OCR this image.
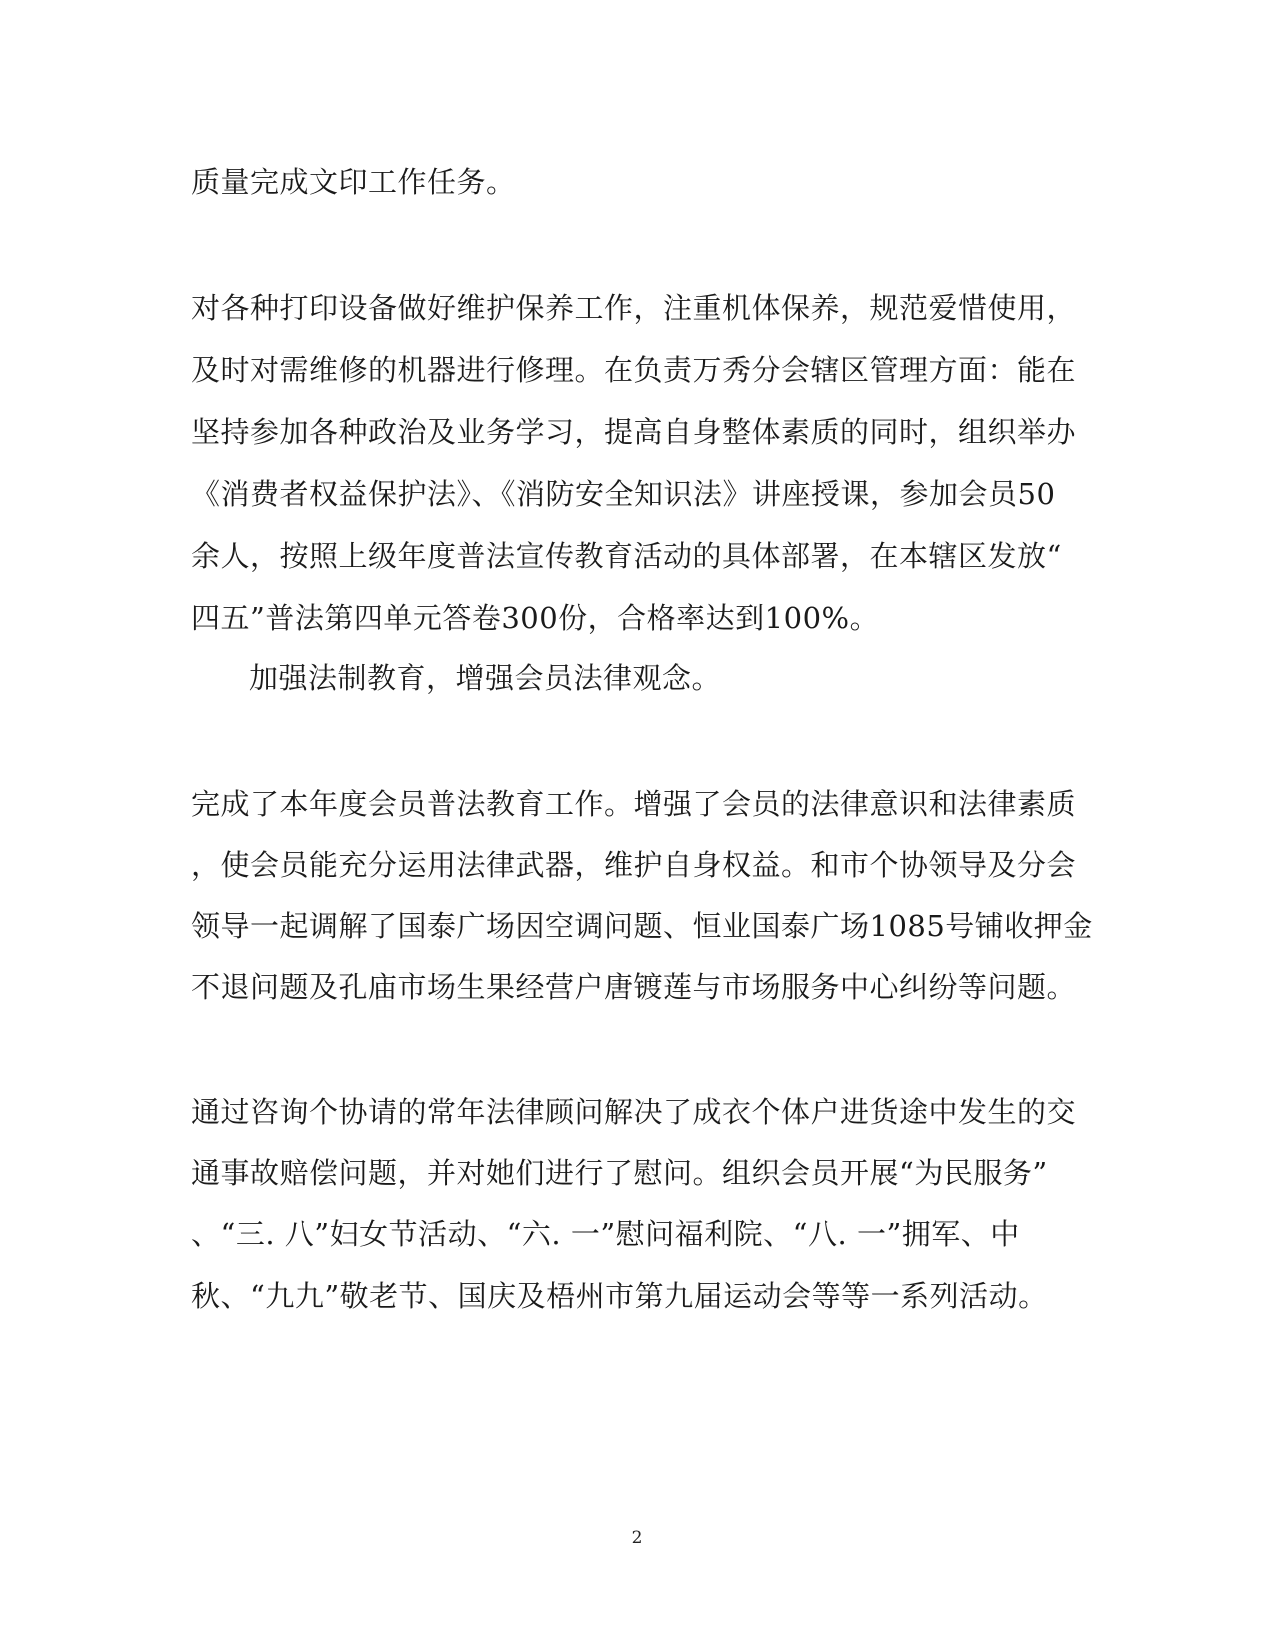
质量完成文印工作任务。
对各种打印设备做好维护保养工作，注重机体保养，规范爱惜使用，
及时对需维修的机器进行修理。在负责万秀分会辖区管理方面：能在
坚持参加各种政治及业务学习，提高自身整体素质的同时，组织举办
《消费者权益保护法》、《消防安全知识法》讲座授课，参加会员50
余人，按照上级年度普法宣传教育活动的具体部署，在本辖区发放“
四五”普法第四单元答卷300份，合格率达到100%。
加强法制教育，增强会员法律观念。
完成了本年度会员普法教育工作。增强了会员的法律意识和法律素质
，使会员能充分运用法律武器，维护自身权益。和市个协领导及分会
领导一起调解了国泰广场因空调问题、恒业国泰广场1085号铺收押金
不退问题及孔庙市场生果经营户唐镀莲与市场服务中心纠纷等问题。
通过咨询个协请的常年法律顾问解决了成衣个体户进货途中发生的交
通事故赔偿问题，并对她们进行了慰问。组织会员开展“为民服务”
、“三. 八”妇女节活动、“六. 一”慰问福利院、“八. 一”拥军、中
秋、“九九”敬老节、国庆及梧州市第九届运动会等等一系列活动。
2
